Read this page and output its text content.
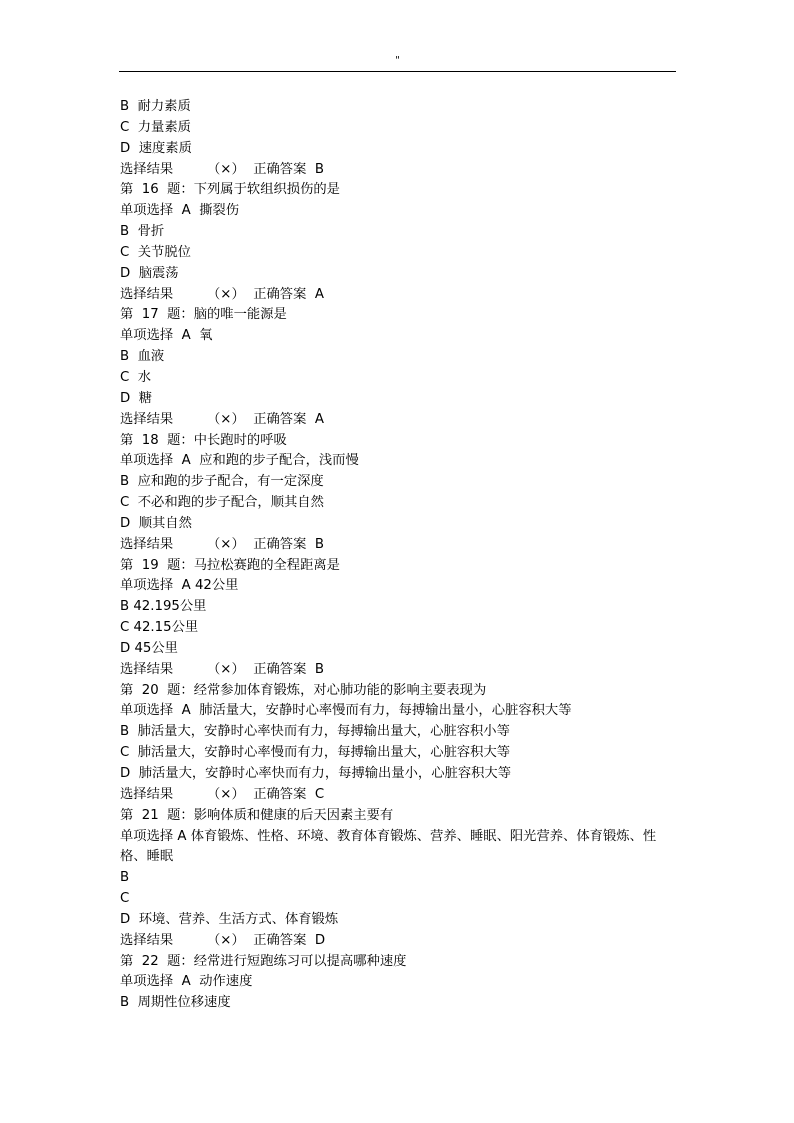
"
B  耐力素质
C  力量素质
D  速度素质
选择结果        （×）  正确答案  B
第  16  题：下列属于软组织损伤的是
单项选择  A  撕裂伤
B  骨折
C  关节脱位
D  脑震荡
选择结果        （×）  正确答案  A
第  17  题：脑的唯一能源是
单项选择  A  氧
B  血液
C  水
D  糖
选择结果        （×）  正确答案  A
第  18  题：中长跑时的呼吸
单项选择  A  应和跑的步子配合，浅而慢
B  应和跑的步子配合，有一定深度
C  不必和跑的步子配合，顺其自然
D  顺其自然
选择结果        （×）  正确答案  B
第  19  题：马拉松赛跑的全程距离是
单项选择  A 42公里
B 42.195公里
C 42.15公里
D 45公里
选择结果        （×）  正确答案  B
第  20  题：经常参加体育锻炼，对心肺功能的影响主要表现为
单项选择  A  肺活量大，安静时心率慢而有力，每搏输出量小，心脏容积大等
B  肺活量大，安静时心率快而有力，每搏输出量大，心脏容积小等
C  肺活量大，安静时心率慢而有力，每搏输出量大，心脏容积大等
D  肺活量大，安静时心率快而有力，每搏输出量小，心脏容积大等
选择结果        （×）  正确答案  C
第  21  题：影响体质和健康的后天因素主要有
单项选择 A 体育锻炼、性格、环境、教育体育锻炼、营养、睡眠、阳光营养、体育锻炼、性格、睡眠
B
C
D  环境、营养、生活方式、体育锻炼
选择结果        （×）  正确答案  D
第  22  题：经常进行短跑练习可以提高哪种速度
单项选择  A  动作速度
B  周期性位移速度
